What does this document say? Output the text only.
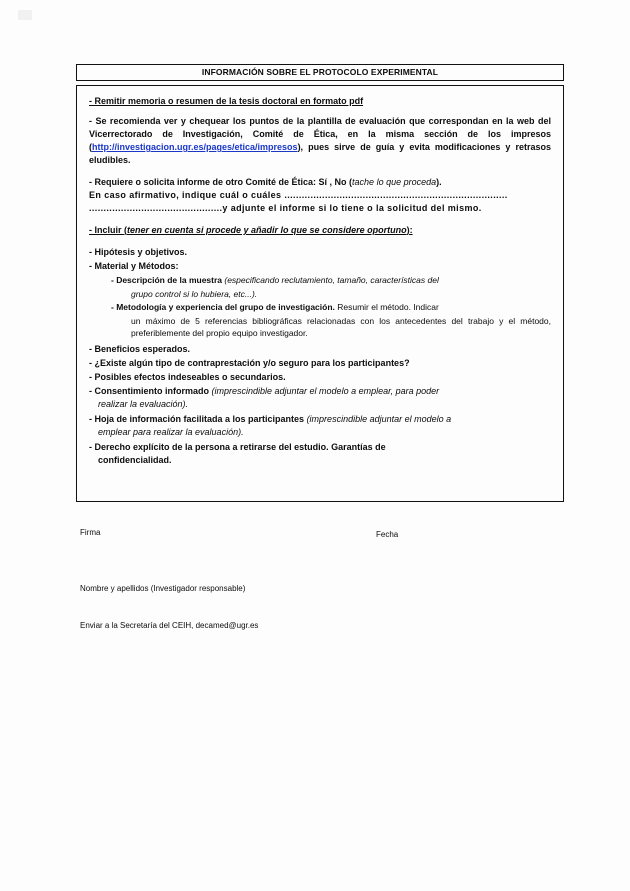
INFORMACIÓN SOBRE EL PROTOCOLO EXPERIMENTAL
- Remitir memoria o resumen de la tesis doctoral en formato pdf
- Se recomienda ver y chequear los puntos de la plantilla de evaluación que correspondan en la web del Vicerrectorado de Investigación, Comité de Ética, en la misma sección de los impresos (http://investigacion.ugr.es/pages/etica/impresos), pues sirve de guía y evita modificaciones y retrasos eludibles.
- Requiere o solicita informe de otro Comité de Ética: Sí , No (tache lo que proceda).
En caso afirmativo, indique cuál o cuáles .............................................................................
..............................................y adjunte el informe si lo tiene o la solicitud del mismo.
- Incluir (tener en cuenta si procede y añadir lo que se considere oportuno):
- Hipótesis y objetivos.
- Material y Métodos:
- Descripción de la muestra (especificando reclutamiento, tamaño, características del
grupo control si lo hubiera, etc...).
- Metodología y experiencia del grupo de investigación. Resumir el método. Indicar
un máximo de 5 referencias bibliográficas relacionadas con los antecedentes del trabajo y el método, preferiblemente del propio equipo investigador.
- Beneficios esperados.
- ¿Existe algún tipo de contraprestación y/o seguro para los participantes?
- Posibles efectos indeseables o secundarios.
- Consentimiento informado (imprescindible adjuntar el modelo a emplear, para poder
realizar la evaluación).
- Hoja de información facilitada a los participantes (imprescindible adjuntar el modelo a
emplear para realizar la evaluación).
- Derecho explícito de la persona a retirarse del estudio. Garantías de
confidencialidad.
Firma	Fecha
Nombre y apellidos (Investigador responsable)
Enviar a la Secretaría del CEIH, decamed@ugr.es
